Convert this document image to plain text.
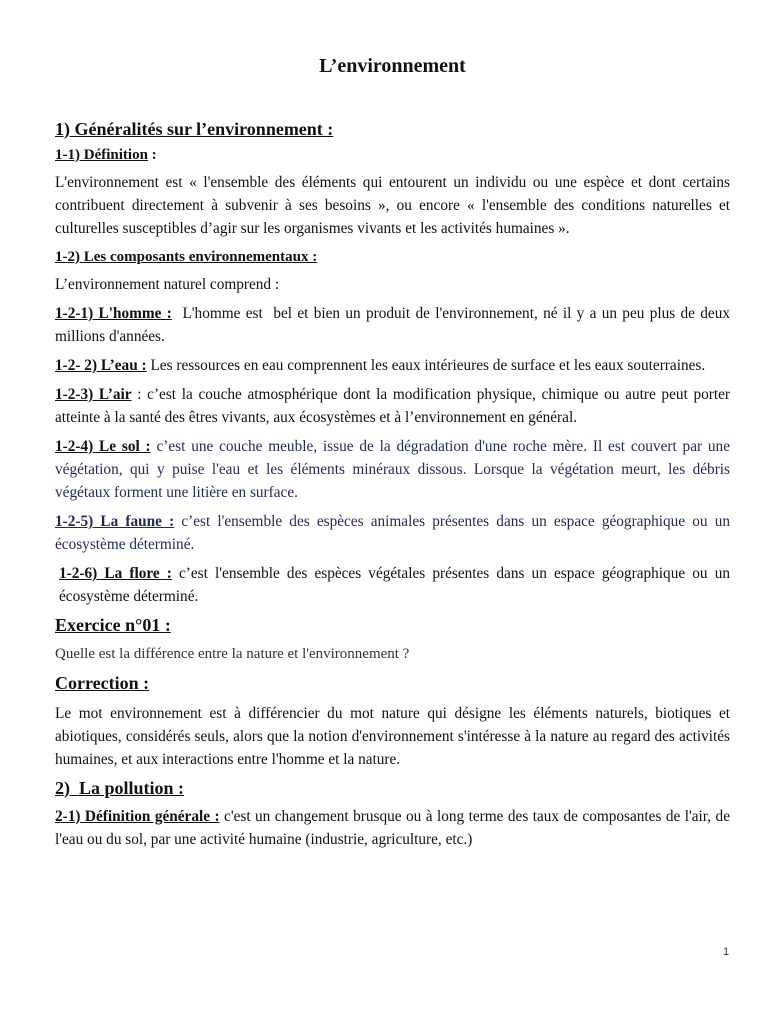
L’environnement
1) Généralités sur l’environnement :
1-1) Définition :

L'environnement est « l'ensemble des éléments qui entourent un individu ou une espèce et dont certains contribuent directement à subvenir à ses besoins », ou encore « l'ensemble des conditions naturelles et culturelles susceptibles d’agir sur les organismes vivants et les activités humaines ».

1-2) Les composants environnementaux :

L’environnement naturel comprend :

1-2-1) L'homme :  L'homme est  bel et bien un produit de l'environnement, né il y a un peu plus de deux millions d'années.

1-2- 2) L’eau : Les ressources en eau comprennent les eaux intérieures de surface et les eaux souterraines.

1-2-3) L’air : c’est la couche atmosphérique dont la modification physique, chimique ou autre peut porter atteinte à la santé des êtres vivants, aux écosystèmes et à l’environnement en général.

1-2-4) Le sol : c’est une couche meuble, issue de la dégradation d'une roche mère. Il est couvert par une végétation, qui y puise l'eau et les éléments minéraux dissous. Lorsque la végétation meurt, les débris végétaux forment une litière en surface.

1-2-5) La faune : c’est l'ensemble des espèces animales présentes dans un espace géographique ou un écosystème déterminé.

1-2-6) La flore : c’est l'ensemble des espèces végétales présentes dans un espace géographique ou un écosystème déterminé.

Exercice n°01 :
Quelle est la différence entre la nature et l'environnement ?
Correction :

Le mot environnement est à différencier du mot nature qui désigne les éléments naturels, biotiques et abiotiques, considérés seuls, alors que la notion d'environnement s'intéresse à la nature au regard des activités humaines, et aux interactions entre l'homme et la nature.

2)  La pollution :

2-1) Définition générale : c'est un changement brusque ou à long terme des taux de composantes de l'air, de l'eau ou du sol, par une activité humaine (industrie, agriculture, etc.)

1
